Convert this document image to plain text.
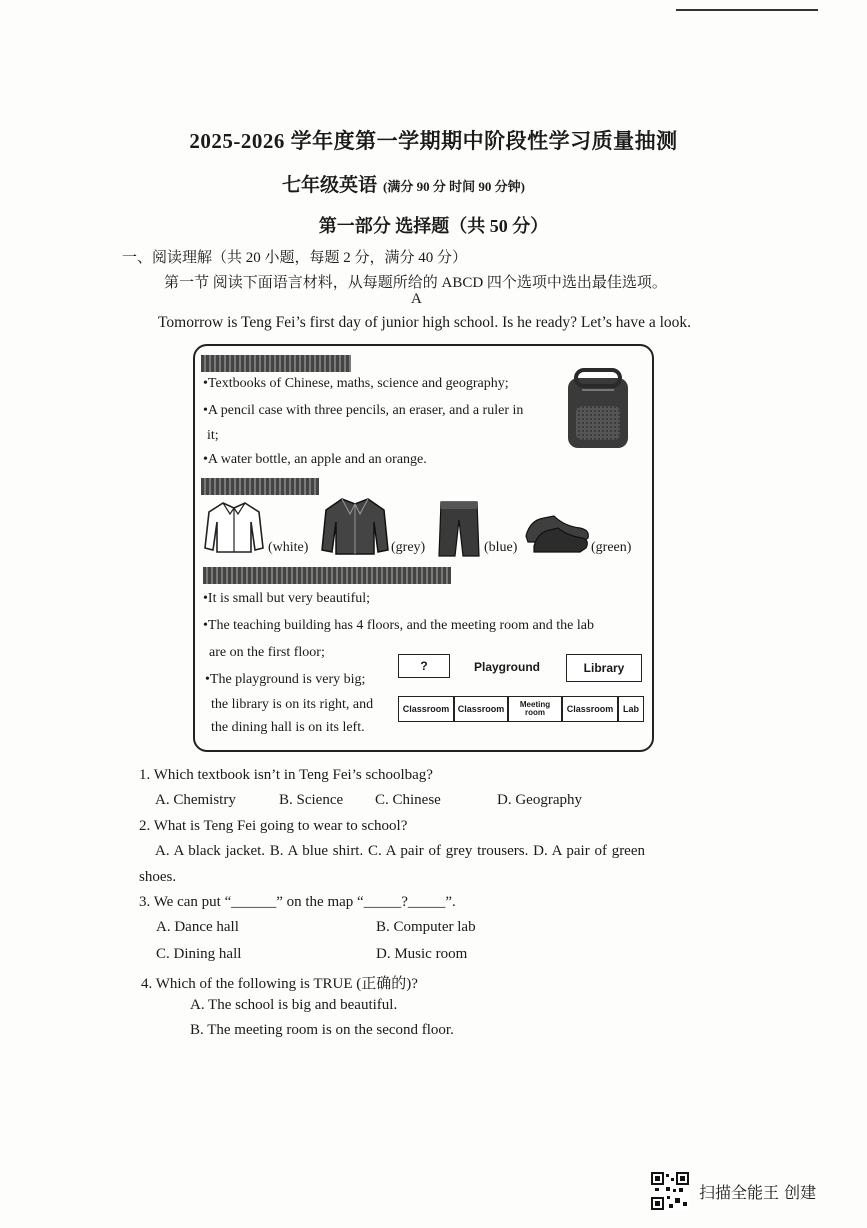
2025-2026 学年度第一学期期中阶段性学习质量抽测
七年级英语 (满分 90 分 时间 90 分钟)
第一部分 选择题（共 50 分）
一、阅读理解（共 20 小题，每题 2 分，满分 40 分）
第一节 阅读下面语言材料，从每题所给的 ABCD 四个选项中选出最佳选项。
A
Tomorrow is Teng Fei’s first day of junior high school. Is he ready? Let’s have a look.
•Textbooks of Chinese, maths, science and geography;
•A pencil case with three pencils, an eraser, and a ruler in
it;
•A water bottle, an apple and an orange.
(white)	(grey)	(blue)	(green)
•It is small but very beautiful;
•The teaching building has 4 floors, and the meeting room and the lab
are on the first floor;
•The playground is very big;
the library is on its right, and
the dining hall is on its left.
?	Playground	Library
Classroom Classroom	Meeting room	Classroom	Lab
1. Which textbook isn’t in Teng Fei’s schoolbag?
A. Chemistry	B. Science C. Chinese	D. Geography
2. What is Teng Fei going to wear to school?
A. A black jacket. B. A blue shirt. C. A pair of grey trousers. D. A pair of green
shoes.
3. We can put “______” on the map “_____?_____”.
A. Dance hall	B. Computer lab
C. Dining hall	D. Music room
4. Which of the following is TRUE (正确的)?
A. The school is big and beautiful.
B. The meeting room is on the second floor.
扫描全能王 创建
